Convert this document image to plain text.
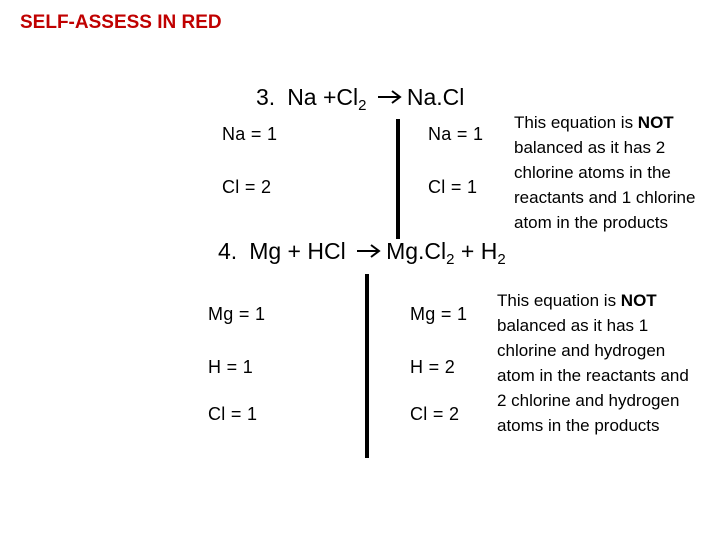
SELF-ASSESS IN RED
3. $Na +Cl_2$ Na.Cl
Na = 1
Cl = 2
Na = 1
Cl = 1
This equation is NOT balanced as it has 2 chlorine atoms in the reactants and 1 chlorine atom in the products
4. Mg + HCl $Mg.Cl_2 + H_2$
Mg = 1
H = 1
Cl = 1
Mg = 1
H = 2
Cl = 2
This equation is NOT balanced as it has 1 chlorine and hydrogen atom in the reactants and 2 chlorine and hydrogen atoms in the products
